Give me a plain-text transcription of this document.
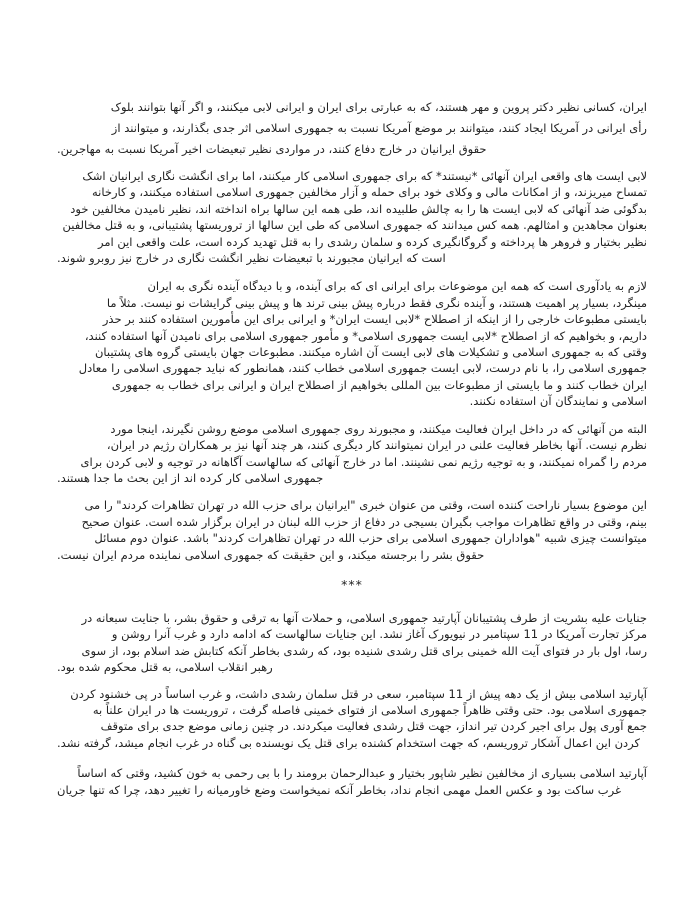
ایران، کسانی نظیر دکتر پروین و مهر هستند، که به عبارتی برای ایران و ایرانی لابی میکنند، و اگر آنها بتوانند بلوک
رأی ایرانی در آمریکا ایجاد کنند، میتوانند بر موضع آمریکا نسبت به جمهوری اسلامی اثر جدی بگذارند، و میتوانند از
حقوق ایرانیان در خارج دفاع کنند، در مواردی نظیر تبعیضات اخیر آمریکا نسبت به مهاجرین.
لابی ایست های واقعی ایران آنهائی *نیستند* که برای جمهوری اسلامی کار میکنند، اما برای انگشت نگاری ایرانیان اشک
تمساح میریزند، و از امکانات مالی و وکلای خود برای حمله و آزار مخالفین جمهوری اسلامی استفاده میکنند، و کارخانه
بدگوئی ضد آنهائی که لابی ایست ها را به چالش طلبیده اند، طی همه این سالها براه انداخته اند، نظیر نامیدن مخالفین خود
بعنوان مجاهدین و امثالهم. همه کس میدانند که جمهوری اسلامی که طی این سالها از تروریستها پشتیبانی، و به قتل مخالفین
نظیر بختیار و فروهر ها پرداخته و گروگانگیری کرده و سلمان رشدی را به قتل تهدید کرده است، علت واقعی این امر
است که ایرانیان مجبورند با تبعیضات نظیر انگشت نگاری در خارج نیز روبرو شوند.
لازم به یادآوری است که همه این موضوعات برای ایرانی ای که برای آینده، و با دیدگاه آینده نگری به ایران
مینگرد، بسیار پر اهمیت هستند، و آینده نگری فقط درباره پیش بینی ترند ها و پیش بینی گرایشات نو نیست. مثلاً ما
بایستی مطبوعات خارجی را از اینکه از اصطلاح *لابی ایست ایران* و ایرانی برای این مأمورین استفاده کنند بر حذر
داریم، و بخواهیم که از اصطلاح *لابی ایست جمهوری اسلامی* و مأمور جمهوری اسلامی برای نامیدن آنها استفاده کنند،
وقتی که به جمهوری اسلامی و تشکیلات های لابی ایست آن اشاره میکنند. مطبوعات جهان بایستی گروه های پشتیبان
جمهوری اسلامی را، با نام درست، لابی ایست جمهوری اسلامی خطاب کنند، همانطور که نباید جمهوری اسلامی را معادل
ایران خطاب کنند و ما بایستی از مطبوعات بین المللی بخواهیم از اصطلاح ایران و ایرانی برای خطاب به جمهوری
اسلامی و نمایندگان آن استفاده نکنند.
البته من آنهائی که در داخل ایران فعالیت میکنند، و مجبورند روی جمهوری اسلامی موضع روشن نگیرند، اینجا مورد
نظرم نیست. آنها بخاطر فعالیت علنی در ایران نمیتوانند کار دیگری کنند، هر چند آنها نیز بر همکاران رژیم در ایران،
مردم را گمراه نمیکنند، و به توجیه رژیم نمی نشینند. اما در خارج آنهائی که سالهاست آگاهانه در توجیه و لابی کردن برای
جمهوری اسلامی کار کرده اند از این بحث ما جدا هستند.
این موضوع بسیار ناراحت کننده است، وقتی من عنوان خبری "ایرانیان برای حزب الله در تهران تظاهرات کردند" را می
بینم، وقتی در واقع تظاهرات مواجب بگیران بسیجی در دفاع از حزب الله لبنان در ایران برگزار شده است. عنوان صحیح
میتوانست چیزی شبیه "هواداران جمهوری اسلامی برای حزب الله در تهران تظاهرات کردند" باشد. عنوان دوم مسائل
حقوق بشر را برجسته میکند، و این حقیقت که جمهوری اسلامی نماینده مردم ایران نیست.
***
جنایات علیه بشریت از طرف پشتیبانان آپارتید جمهوری اسلامی، و حملات آنها به ترقی و حقوق بشر، با جنایت سبعانه در
مرکز تجارت آمریکا در 11 سپتامبر در نیویورک آغاز نشد. این جنایات سالهاست که ادامه دارد و غرب آنرا روشن و
رسا، اول بار در فتوای آیت الله خمینی برای قتل رشدی شنیده بود، که رشدی بخاطر آنکه کتابش ضد اسلام بود، از سوی
رهبر انقلاب اسلامی، به قتل محکوم شده بود.
آپارتید اسلامی بیش از یک دهه پیش از 11 سپتامبر، سعی در قتل سلمان رشدی داشت، و غرب اساساً در پی خشنود کردن
جمهوری اسلامی بود. حتی وقتی ظاهراً جمهوری اسلامی از فتوای خمینی فاصله گرفت ، تروریست ها در ایران علناً به
جمع آوری پول برای اجیر کردن تیر انداز، جهت قتل رشدی فعالیت میکردند. در چنین زمانی موضع جدی برای متوقف
کردن این اعمال آشکار تروریسم، که جهت استخدام کشنده برای قتل یک نویسنده بی گناه در غرب انجام میشد، گرفته نشد.
آپارتید اسلامی بسیاری از مخالفین نظیر شاپور بختیار و عبدالرحمان برومند را با بی رحمی به خون کشید، وقتی که اساساً
غرب ساکت بود و عکس العمل مهمی انجام نداد، بخاطر آنکه نمیخواست وضع خاورمیانه را تغییر دهد، چرا که تنها جریان
